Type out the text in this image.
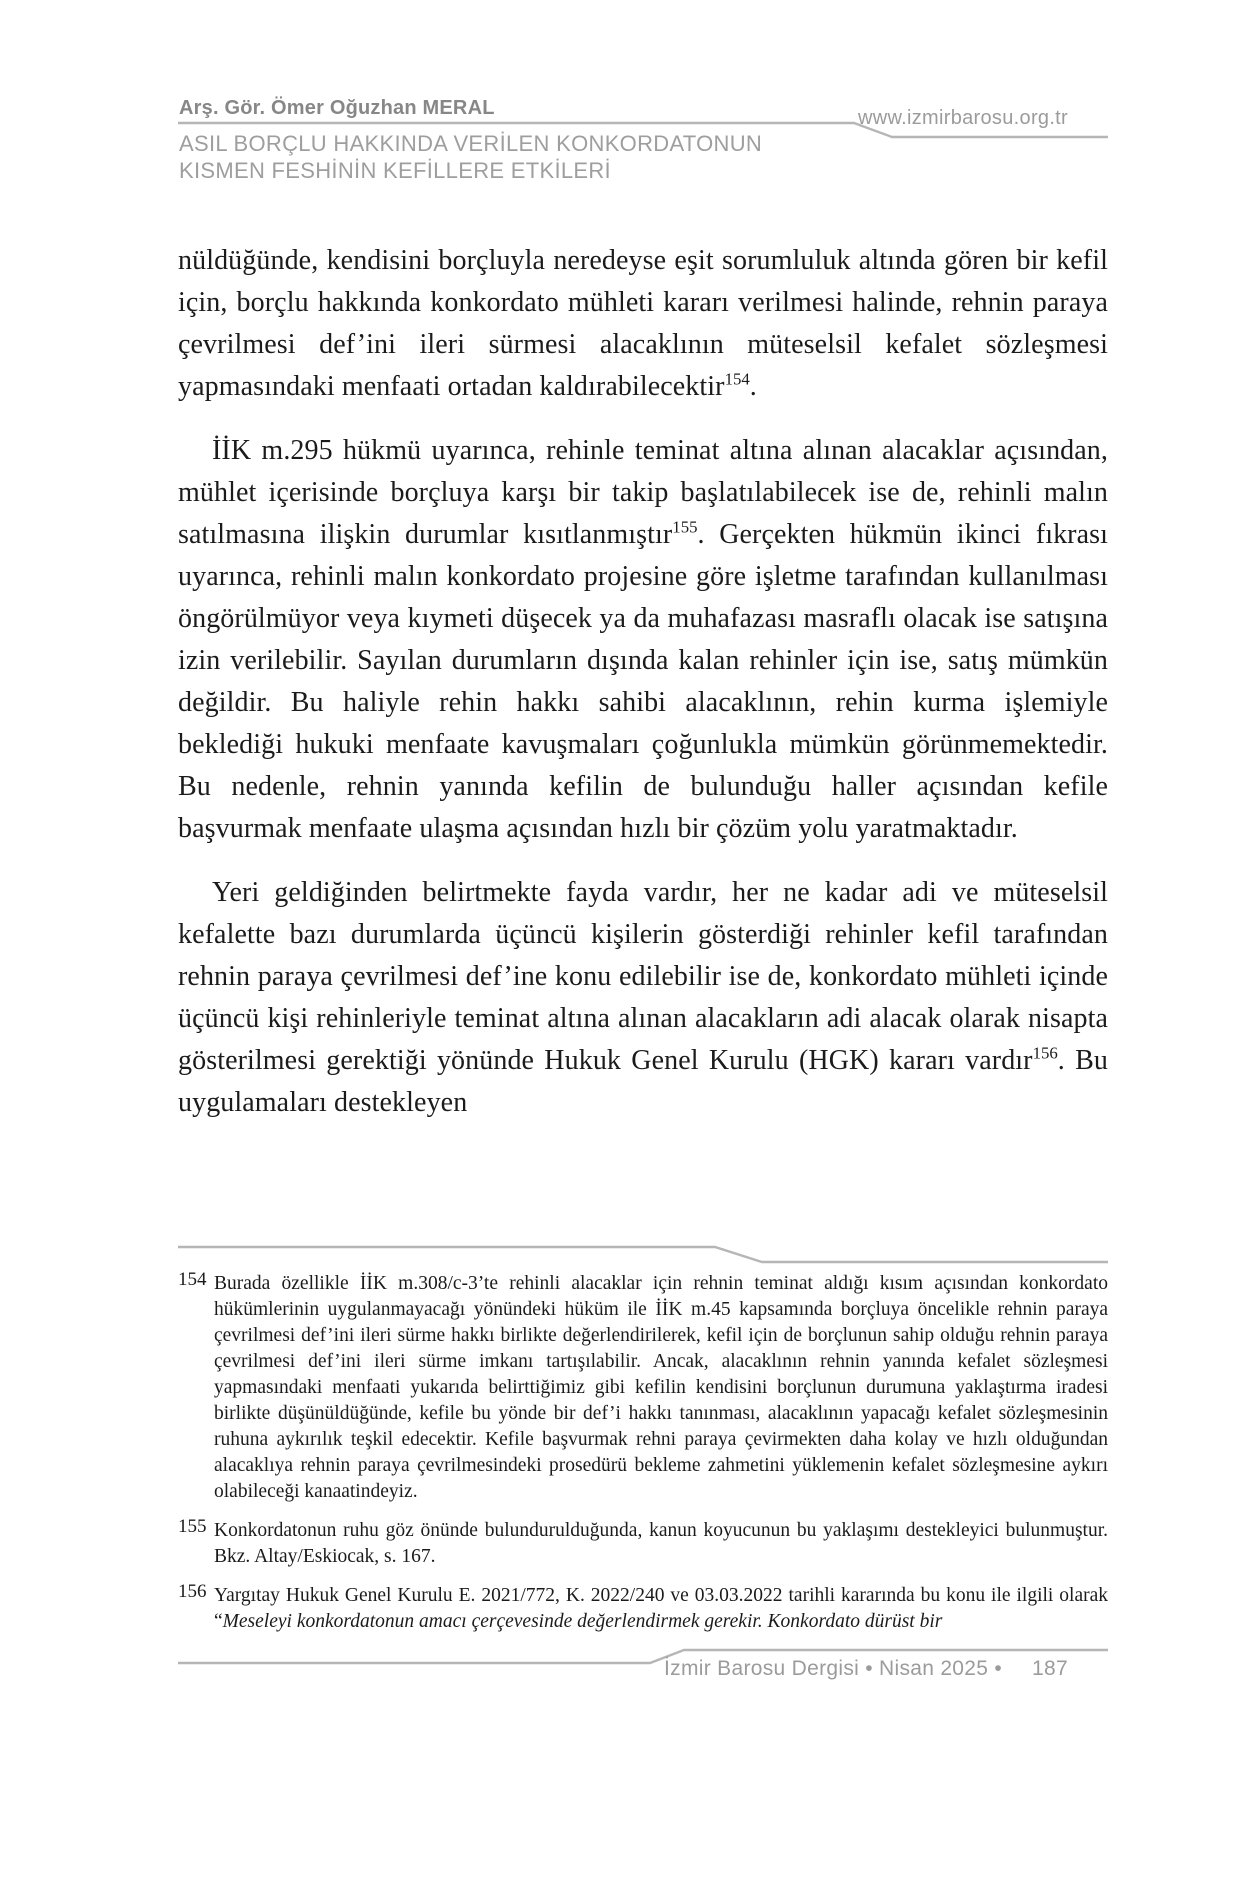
Arş. Gör. Ömer Oğuzhan MERAL	www.izmirbarosu.org.tr
ASIL BORÇLU HAKKINDA VERİLEN KONKORDATONUN
KISMEN FESHİNİN KEFİLLERE ETKİLERİ

nüldüğünde, kendisini borçluyla neredeyse eşit sorumluluk altında gören bir kefil için, borçlu hakkında konkordato mühleti kararı verilmesi halinde, rehnin paraya çevrilmesi def’ini ileri sürmesi alacaklının müteselsil kefalet sözleşmesi yapmasındaki menfaati ortadan kaldırabilecektir$^{154}$.

İİK m.295 hükmü uyarınca, rehinle teminat altına alınan alacaklar açısından, mühlet içerisinde borçluya karşı bir takip başlatılabilecek ise de, rehinli malın satılmasına ilişkin durumlar kısıtlanmıştır$^{155}$. Gerçekten hükmün ikinci fıkrası uyarınca, rehinli malın konkordato projesine göre işletme tarafından kullanılması öngörülmüyor veya kıymeti düşecek ya da muhafazası masraflı olacak ise satışına izin verilebilir. Sayılan durumların dışında kalan rehinler için ise, satış mümkün değildir. Bu haliyle rehin hakkı sahibi alacaklının, rehin kurma işlemiyle beklediği hukuki menfaate kavuşmaları çoğunlukla mümkün görünmemektedir. Bu nedenle, rehnin yanında kefilin de bulunduğu haller açısından kefile başvurmak menfaate ulaşma açısından hızlı bir çözüm yolu yaratmaktadır.

Yeri geldiğinden belirtmekte fayda vardır, her ne kadar adi ve müteselsil kefalette bazı durumlarda üçüncü kişilerin gösterdiği rehinler kefil tarafından rehnin paraya çevrilmesi def’ine konu edilebilir ise de, konkordato mühleti içinde üçüncü kişi rehinleriyle teminat altına alınan alacakların adi alacak olarak nisapta gösterilmesi gerektiği yönünde Hukuk Genel Kurulu (HGK) kararı vardır$^{156}$. Bu uygulamaları destekleyen

154 Burada özellikle İİK m.308/c-3’te rehinli alacaklar için rehnin teminat aldığı kısım açısından konkordato hükümlerinin uygulanmayacağı yönündeki hüküm ile İİK m.45 kapsamında borçluya öncelikle rehnin paraya çevrilmesi def’ini ileri sürme hakkı birlikte değerlendirilerek, kefil için de borçlunun sahip olduğu rehnin paraya çevrilmesi def’ini ileri sürme imkanı tartışılabilir. Ancak, alacaklının rehnin yanında kefalet sözleşmesi yapmasındaki menfaati yukarıda belirttiğimiz gibi kefilin kendisini borçlunun durumuna yaklaştırma iradesi birlikte düşünüldüğünde, kefile bu yönde bir def’i hakkı tanınması, alacaklının yapacağı kefalet sözleşmesinin ruhuna aykırılık teşkil edecektir. Kefile başvurmak rehni paraya çevirmekten daha kolay ve hızlı olduğundan alacaklıya rehnin paraya çevrilmesindeki prosedürü bekleme zahmetini yüklemenin kefalet sözleşmesine aykırı olabileceği kanaatindeyiz.
155 Konkordatonun ruhu göz önünde bulundurulduğunda, kanun koyucunun bu yaklaşımı destekleyici bulunmuştur. Bkz. Altay/Eskiocak, s. 167.
156 Yargıtay Hukuk Genel Kurulu E. 2021/772, K. 2022/240 ve 03.03.2022 tarihli kararında bu konu ile ilgili olarak “Meseleyi konkordatonun amacı çerçevesinde değerlendirmek gerekir. Konkordato dürüst bir
İzmir Barosu Dergisi • Nisan 2025 • 187
